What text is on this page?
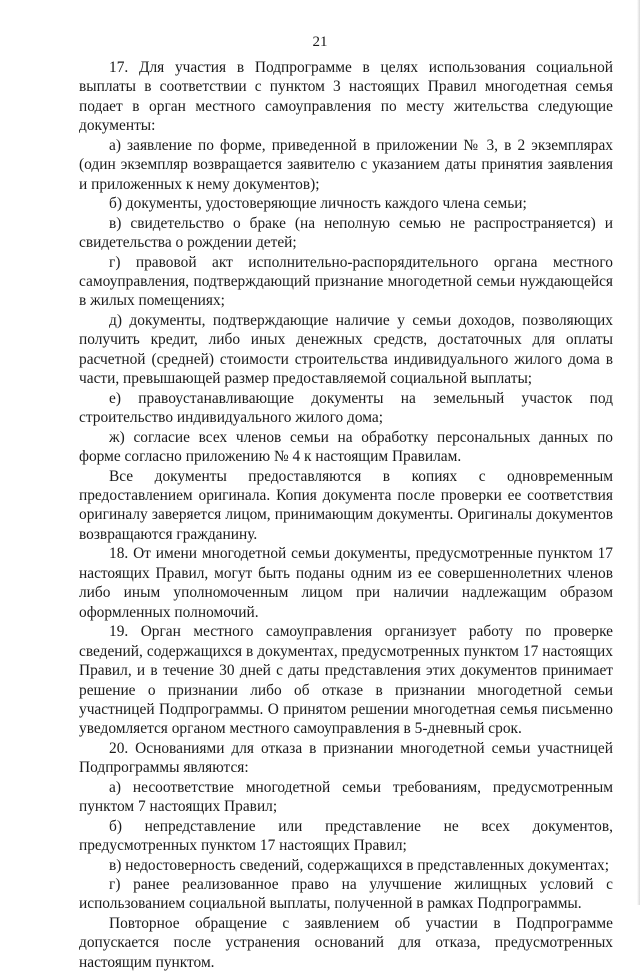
21

17. Для участия в Подпрограмме в целях использования социальной выплаты в соответствии с пунктом 3 настоящих Правил многодетная семья подает в орган местного самоуправления по месту жительства следующие документы:

а) заявление по форме, приведенной в приложении № 3, в 2 экземплярах (один экземпляр возвращается заявителю с указанием даты принятия заявления и приложенных к нему документов);

б) документы, удостоверяющие личность каждого члена семьи;

в) свидетельство о браке (на неполную семью не распространяется) и свидетельства о рождении детей;

г) правовой акт исполнительно-распорядительного органа местного самоуправления, подтверждающий признание многодетной семьи нуждающейся в жилых помещениях;

д) документы, подтверждающие наличие у семьи доходов, позволяющих получить кредит, либо иных денежных средств, достаточных для оплаты расчетной (средней) стоимости строительства индивидуального жилого дома в части, превышающей размер предоставляемой социальной выплаты;

е) правоустанавливающие документы на земельный участок под строительство индивидуального жилого дома;

ж) согласие всех членов семьи на обработку персональных данных по форме согласно приложению № 4 к настоящим Правилам.

Все документы предоставляются в копиях с одновременным предоставлением оригинала. Копия документа после проверки ее соответствия оригиналу заверяется лицом, принимающим документы. Оригиналы документов возвращаются гражданину.

18. От имени многодетной семьи документы, предусмотренные пунктом 17 настоящих Правил, могут быть поданы одним из ее совершеннолетних членов либо иным уполномоченным лицом при наличии надлежащим образом оформленных полномочий.

19. Орган местного самоуправления организует работу по проверке сведений, содержащихся в документах, предусмотренных пунктом 17 настоящих Правил, и в течение 30 дней с даты представления этих документов принимает решение о признании либо об отказе в признании многодетной семьи участницей Подпрограммы. О принятом решении многодетная семья письменно уведомляется органом местного самоуправления в 5-дневный срок.

20. Основаниями для отказа в признании многодетной семьи участницей Подпрограммы являются:

а) несоответствие многодетной семьи требованиям, предусмотренным пунктом 7 настоящих Правил;

б) непредставление или представление не всех документов, предусмотренных пунктом 17 настоящих Правил;

в) недостоверность сведений, содержащихся в представленных документах;

г) ранее реализованное право на улучшение жилищных условий с использованием социальной выплаты, полученной в рамках Подпрограммы.

Повторное обращение с заявлением об участии в Подпрограмме допускается после устранения оснований для отказа, предусмотренных настоящим пунктом.
